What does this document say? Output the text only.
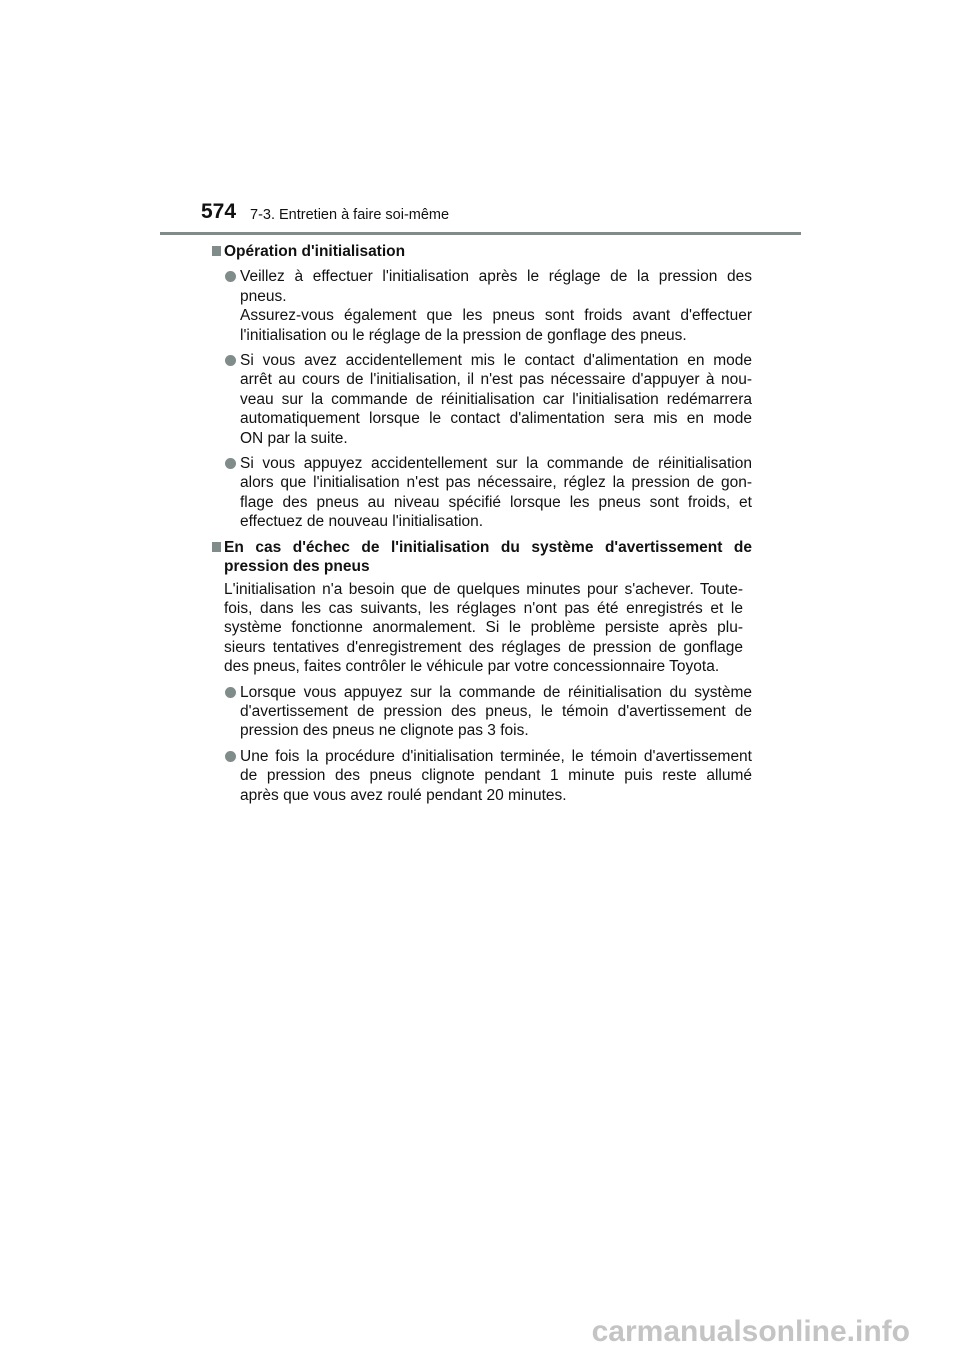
574 7-3. Entretien à faire soi-même
Opération d'initialisation
Veillez à effectuer l'initialisation après le réglage de la pression des
pneus.
Assurez-vous également que les pneus sont froids avant d'effectuer
l'initialisation ou le réglage de la pression de gonflage des pneus.
Si vous avez accidentellement mis le contact d'alimentation en mode
arrêt au cours de l'initialisation, il n'est pas nécessaire d'appuyer à nou-
veau sur la commande de réinitialisation car l'initialisation redémarrera
automatiquement lorsque le contact d'alimentation sera mis en mode
ON par la suite.
Si vous appuyez accidentellement sur la commande de réinitialisation
alors que l'initialisation n'est pas nécessaire, réglez la pression de gon-
flage des pneus au niveau spécifié lorsque les pneus sont froids, et
effectuez de nouveau l'initialisation.
En cas d'échec de l'initialisation du système d'avertissement de
pression des pneus
L'initialisation n'a besoin que de quelques minutes pour s'achever. Toute-
fois, dans les cas suivants, les réglages n'ont pas été enregistrés et le
système fonctionne anormalement. Si le problème persiste après plu-
sieurs tentatives d'enregistrement des réglages de pression de gonflage
des pneus, faites contrôler le véhicule par votre concessionnaire Toyota.
Lorsque vous appuyez sur la commande de réinitialisation du système
d'avertissement de pression des pneus, le témoin d'avertissement de
pression des pneus ne clignote pas 3 fois.
Une fois la procédure d'initialisation terminée, le témoin d'avertissement
de pression des pneus clignote pendant 1 minute puis reste allumé
après que vous avez roulé pendant 20 minutes.
carmanualsonline.info
